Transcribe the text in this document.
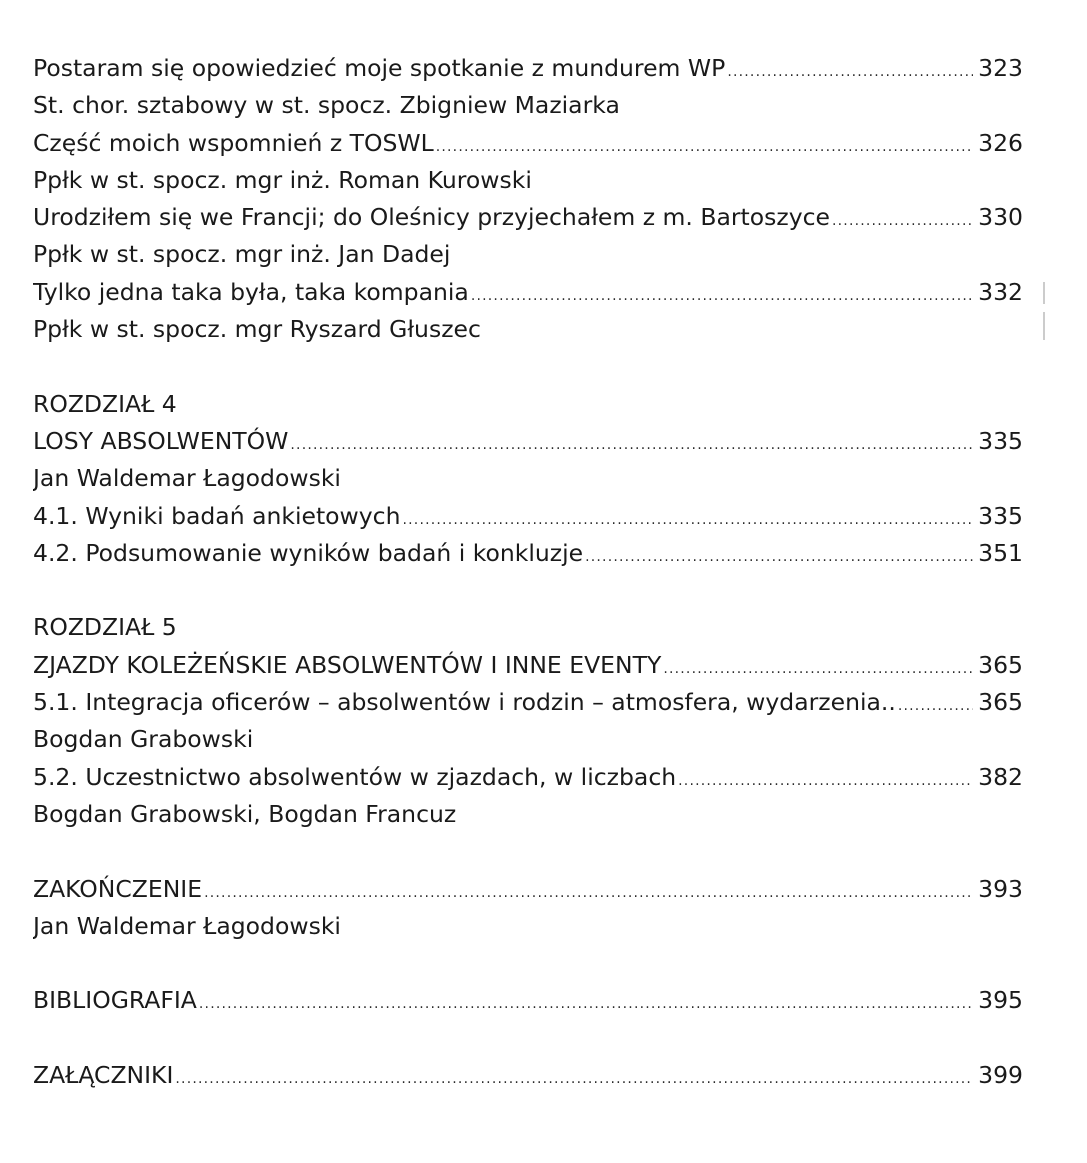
Postaram się opowiedzieć moje spotkanie z mundurem WP .....	323
St. chor. sztabowy w st. spocz. Zbigniew Maziarka
Część moich wspomnień z TOSWL .....	326
Ppłk w st. spocz. mgr inż. Roman Kurowski
Urodziłem się we Francji; do Oleśnicy przyjechałem z m. Bartoszyce .....	330
Ppłk w st. spocz. mgr inż. Jan Dadej
Tylko jedna taka była, taka kompania .....	332
Ppłk w st. spocz. mgr Ryszard Głuszec
ROZDZIAŁ 4
LOSY ABSOLWENTÓW .....	335
Jan Waldemar Łagodowski
4.1. Wyniki badań ankietowych .....	335
4.2. Podsumowanie wyników badań i konkluzje .....	351
ROZDZIAŁ 5
ZJAZDY KOLEŻEŃSKIE ABSOLWENTÓW I INNE EVENTY .....	365
5.1. Integracja oficerów – absolwentów i rodzin – atmosfera, wydarzenia.. .....	365
Bogdan Grabowski
5.2. Uczestnictwo absolwentów w zjazdach, w liczbach .....	382
Bogdan Grabowski, Bogdan Francuz
ZAKOŃCZENIE .....	393
Jan Waldemar Łagodowski
BIBLIOGRAFIA .....	395
ZAŁĄCZNIKI .....	399
